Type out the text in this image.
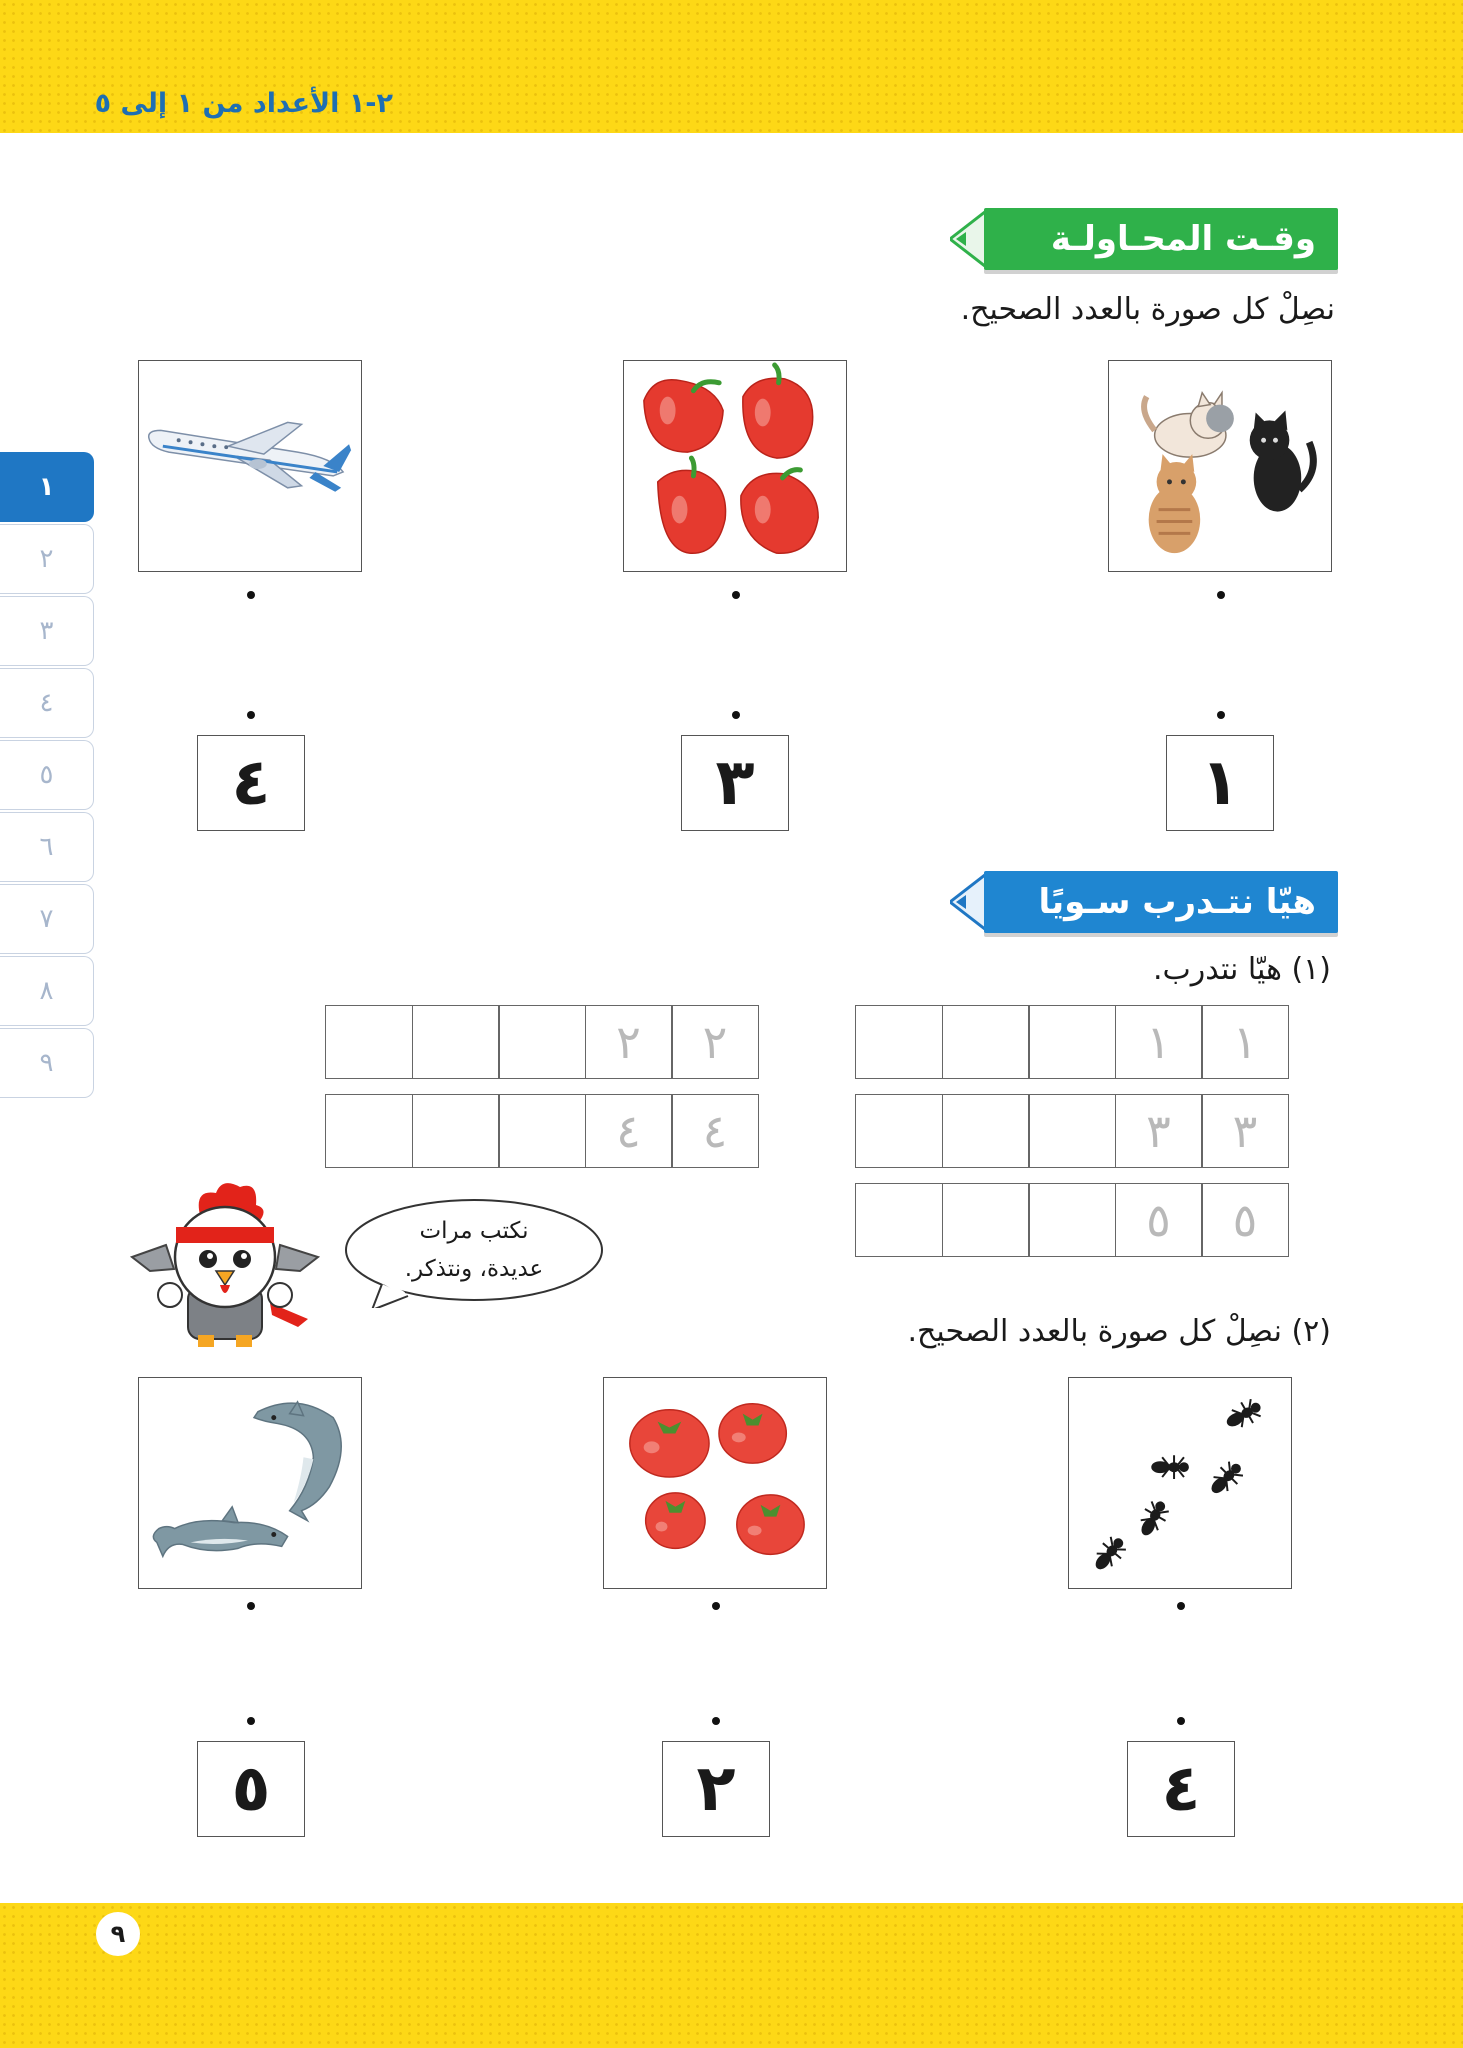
٢-١ الأعداد من ١ إلى ٥
١
٢
٣
٤
٥
٦
٧
٨
٩
وقـت المحـاولـة
نصِلْ كل صورة بالعدد الصحيح.
١
٣
٤
هيّا نتـدرب سـويًا
(١) هيّا نتدرب.
١	١
٣	٣
٥	٥
٢	٢
٤	٤
نكتب مرات
عديدة، ونتذكر.
(٢) نصِلْ كل صورة بالعدد الصحيح.
٤
٢
٥
٩
